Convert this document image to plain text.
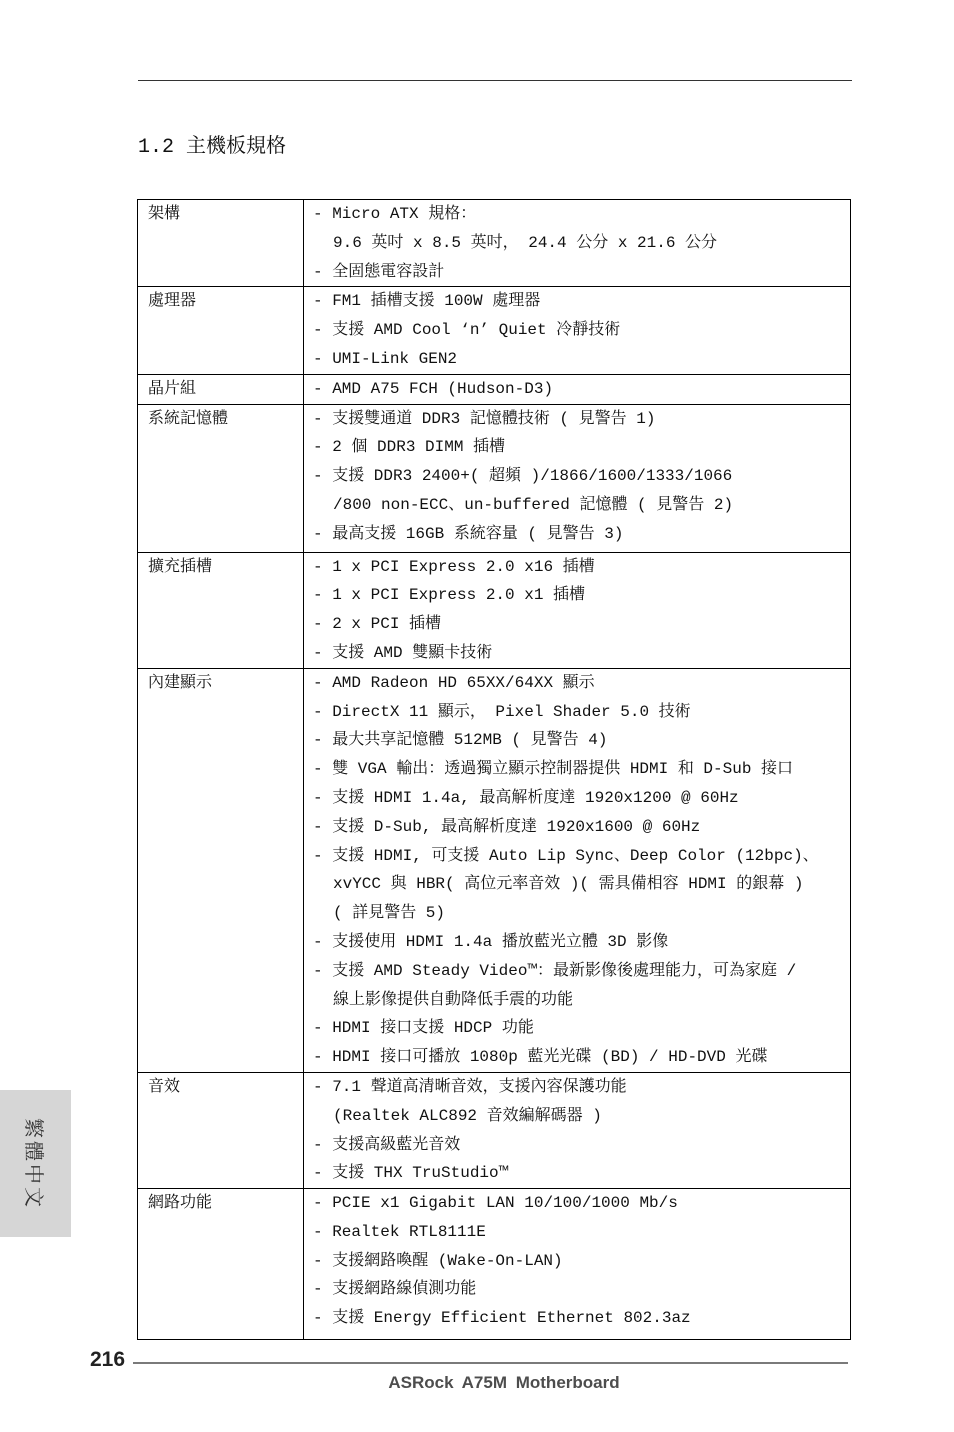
1.2 主機板規格
架構	- Micro ATX 規格：
9.6 英吋 x 8.5 英吋， 24.4 公分 x 21.6 公分
- 全固態電容設計
處理器	- FM1 插槽支援 100W 處理器
- 支援 AMD Cool ‘n’ Quiet 冷靜技術
- UMI-Link GEN2
晶片組	- AMD A75 FCH (Hudson-D3)
系統記憶體	- 支援雙通道 DDR3 記憶體技術 ( 見警告 1)
- 2 個 DDR3 DIMM 插槽
- 支援 DDR3 2400+( 超頻 )/1866/1600/1333/1066
/800 non-ECC、un-buffered 記憶體 ( 見警告 2)
- 最高支援 16GB 系統容量 ( 見警告 3)
擴充插槽	- 1 x PCI Express 2.0 x16 插槽
- 1 x PCI Express 2.0 x1 插槽
- 2 x PCI 插槽
- 支援 AMD 雙顯卡技術
內建顯示	- AMD Radeon HD 65XX/64XX 顯示
- DirectX 11 顯示， Pixel Shader 5.0 技術
- 最大共享記憶體 512MB ( 見警告 4)
- 雙 VGA 輸出：透過獨立顯示控制器提供 HDMI 和 D-Sub 接口
- 支援 HDMI 1.4a, 最高解析度達 1920x1200 @ 60Hz
- 支援 D-Sub, 最高解析度達 1920x1600 @ 60Hz
- 支援 HDMI, 可支援 Auto Lip Sync、Deep Color (12bpc)、
xvYCC 與 HBR( 高位元率音效 )( 需具備相容 HDMI 的銀幕 )
( 詳見警告 5)
- 支援使用 HDMI 1.4a 播放藍光立體 3D 影像
- 支援 AMD Steady Video™：最新影像後處理能力，可為家庭 /
線上影像提供自動降低手震的功能
- HDMI 接口支援 HDCP 功能
- HDMI 接口可播放 1080p 藍光光碟 (BD) / HD-DVD 光碟
音效	- 7.1 聲道高清晰音效，支援內容保護功能
(Realtek ALC892 音效編解碼器 )
- 支援高級藍光音效
- 支援 THX TruStudio™
網路功能	- PCIE x1 Gigabit LAN 10/100/1000 Mb/s
- Realtek RTL8111E
- 支援網路喚醒 (Wake-On-LAN)
- 支援網路線偵測功能
- 支援 Energy Efficient Ethernet 802.3az
繁體中文
216
ASRock A75M Motherboard
